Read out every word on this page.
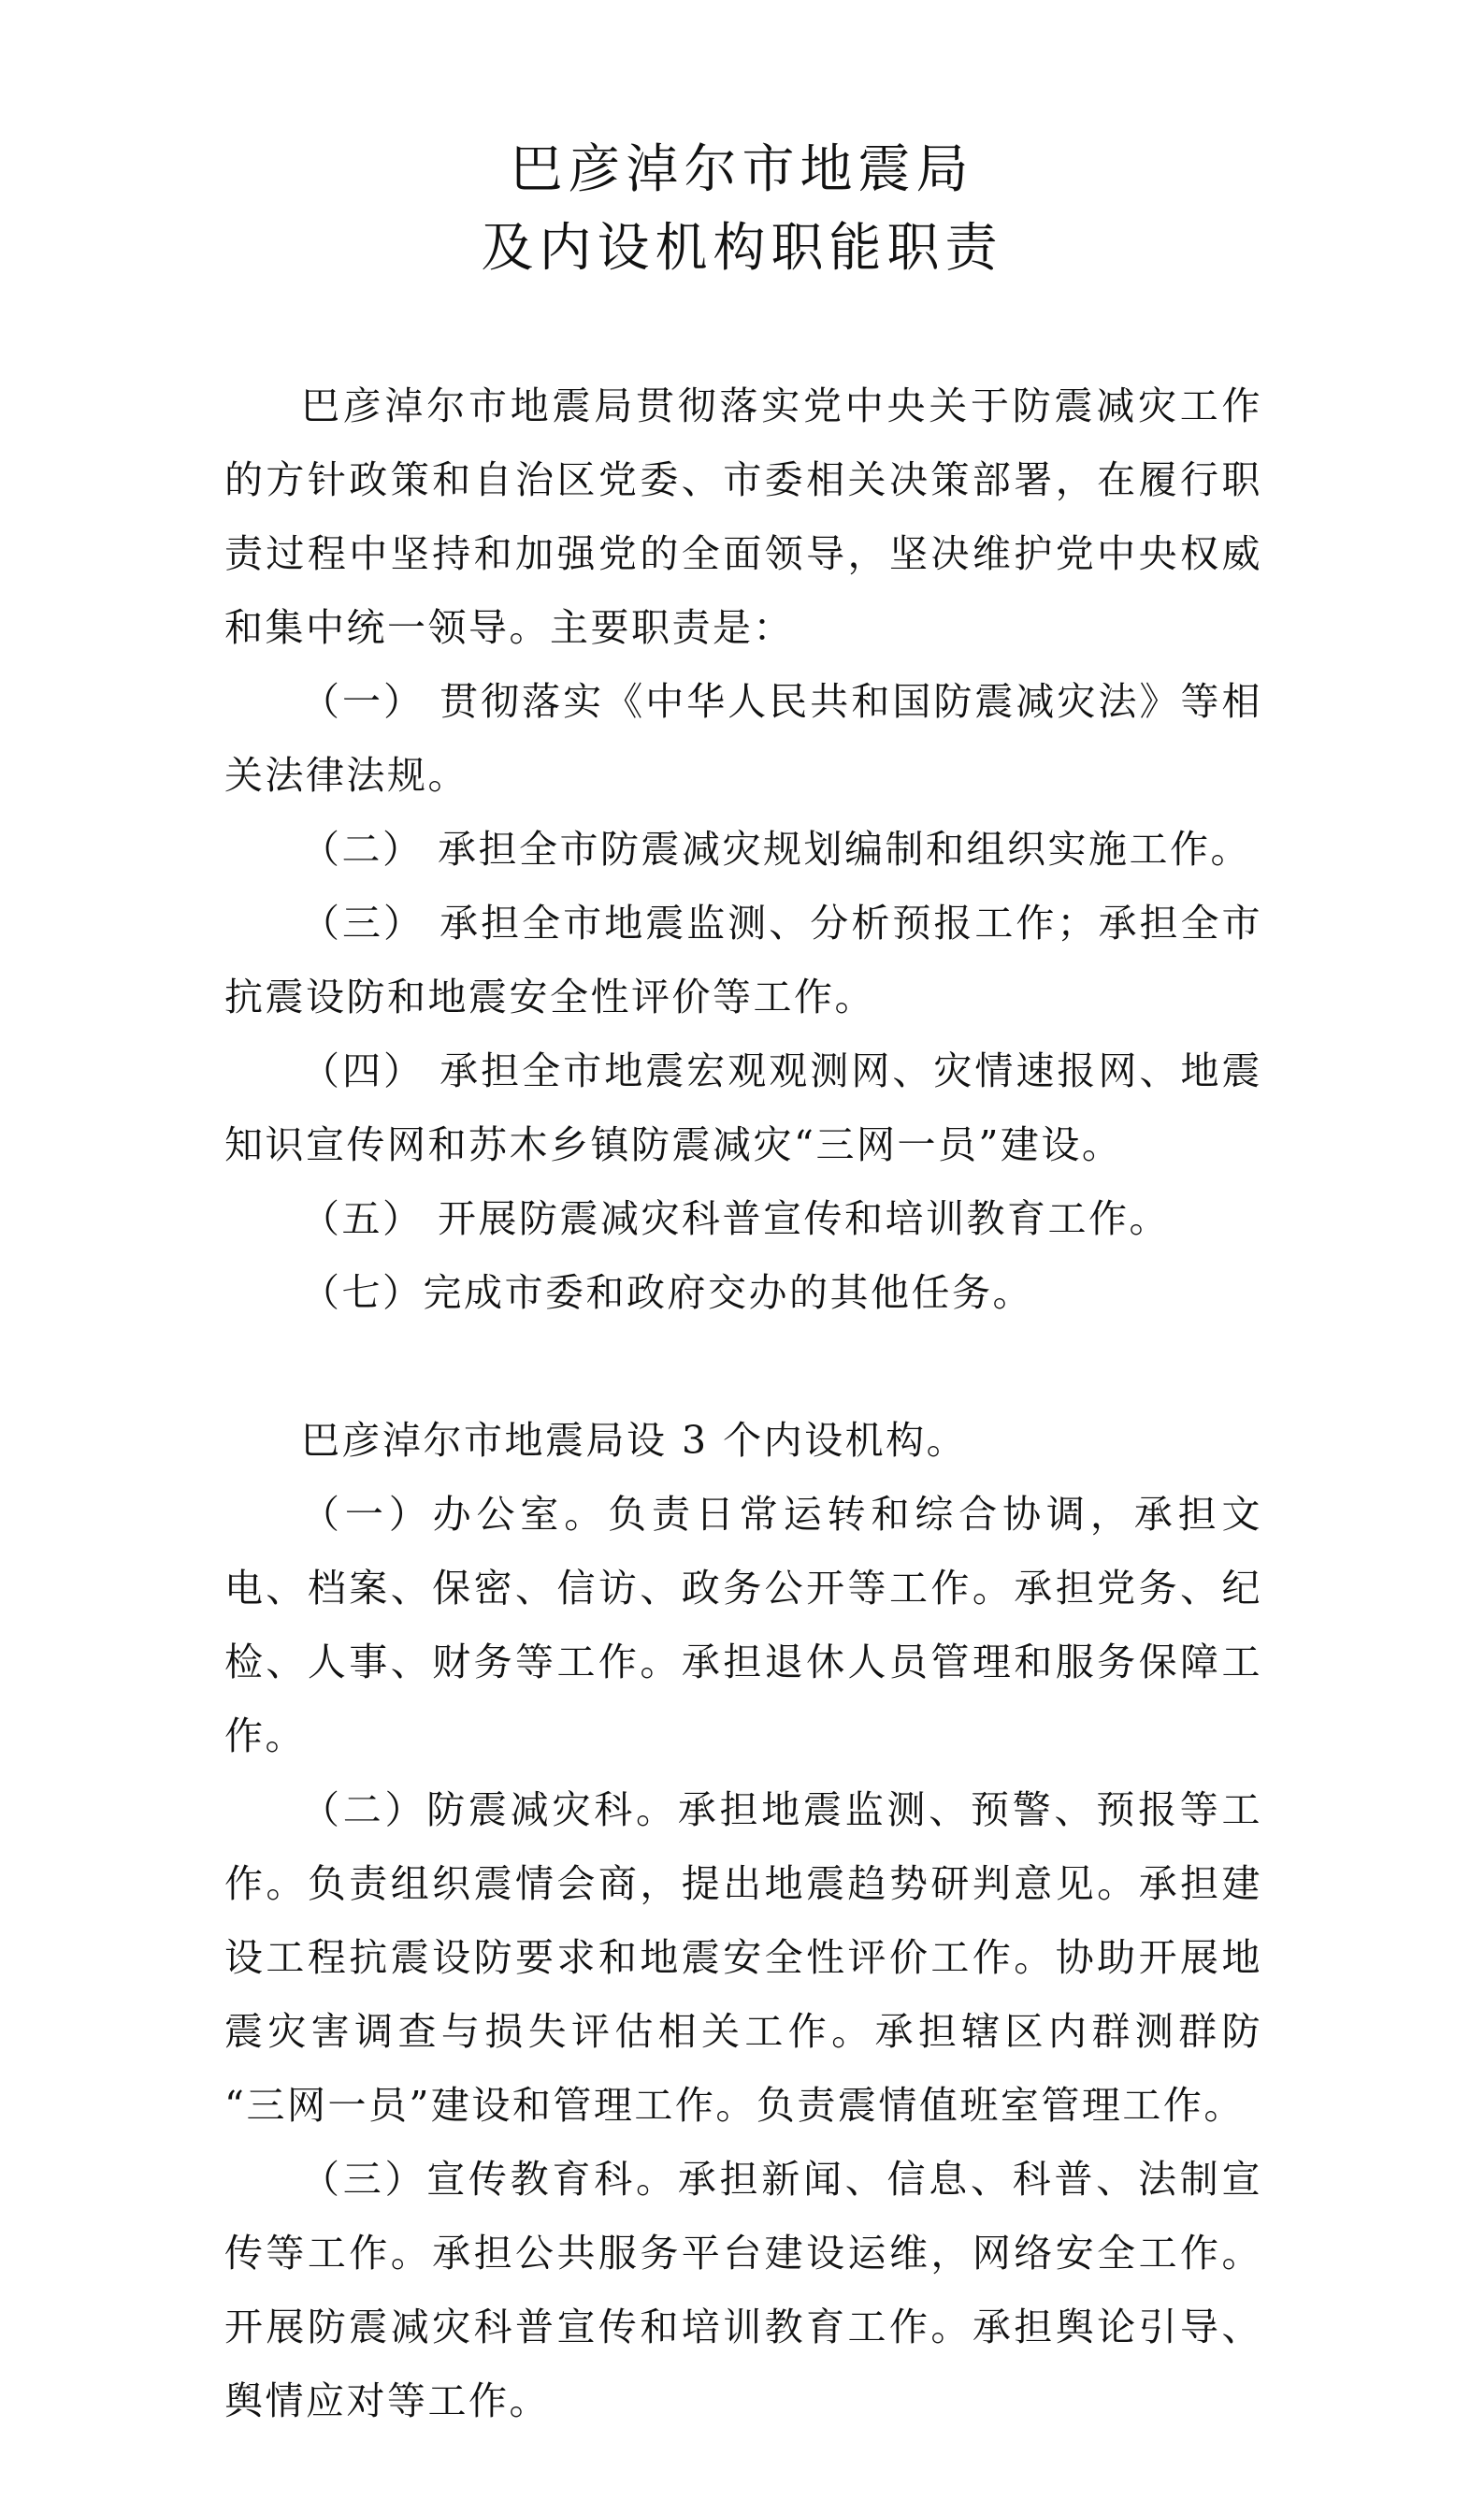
巴彦淖尔市地震局
及内设机构职能职责

巴彦淖尔市地震局贯彻落实党中央关于防震减灾工作的方针政策和自治区党委、市委相关决策部署，在履行职责过程中坚持和加强党的全面领导，坚决维护党中央权威和集中统一领导。主要职责是：

（一） 贯彻落实《中华人民共和国防震减灾法》等相关法律法规。

（二） 承担全市防震减灾规划编制和组织实施工作。

（三） 承担全市地震监测、分析预报工作；承担全市抗震设防和地震安全性评价等工作。

（四） 承担全市地震宏观观测网、灾情速报网、地震知识宣传网和苏木乡镇防震减灾“三网一员”建设。

（五） 开展防震减灾科普宣传和培训教育工作。

（七）完成市委和政府交办的其他任务。

巴彦淖尔市地震局设 3 个内设机构。

（一）办公室。负责日常运转和综合协调，承担文电、档案、保密、信访、政务公开等工作。承担党务、纪检、人事、财务等工作。承担退休人员管理和服务保障工作。

（二）防震减灾科。承担地震监测、预警、预报等工作。负责组织震情会商，提出地震趋势研判意见。承担建设工程抗震设防要求和地震安全性评价工作。协助开展地震灾害调查与损失评估相关工作。承担辖区内群测群防 “三网一员”建设和管理工作。负责震情值班室管理工作。

（三）宣传教育科。承担新闻、信息、科普、法制宣传等工作。承担公共服务平台建设运维，网络安全工作。开展防震减灾科普宣传和培训教育工作。承担舆论引导、舆情应对等工作。
